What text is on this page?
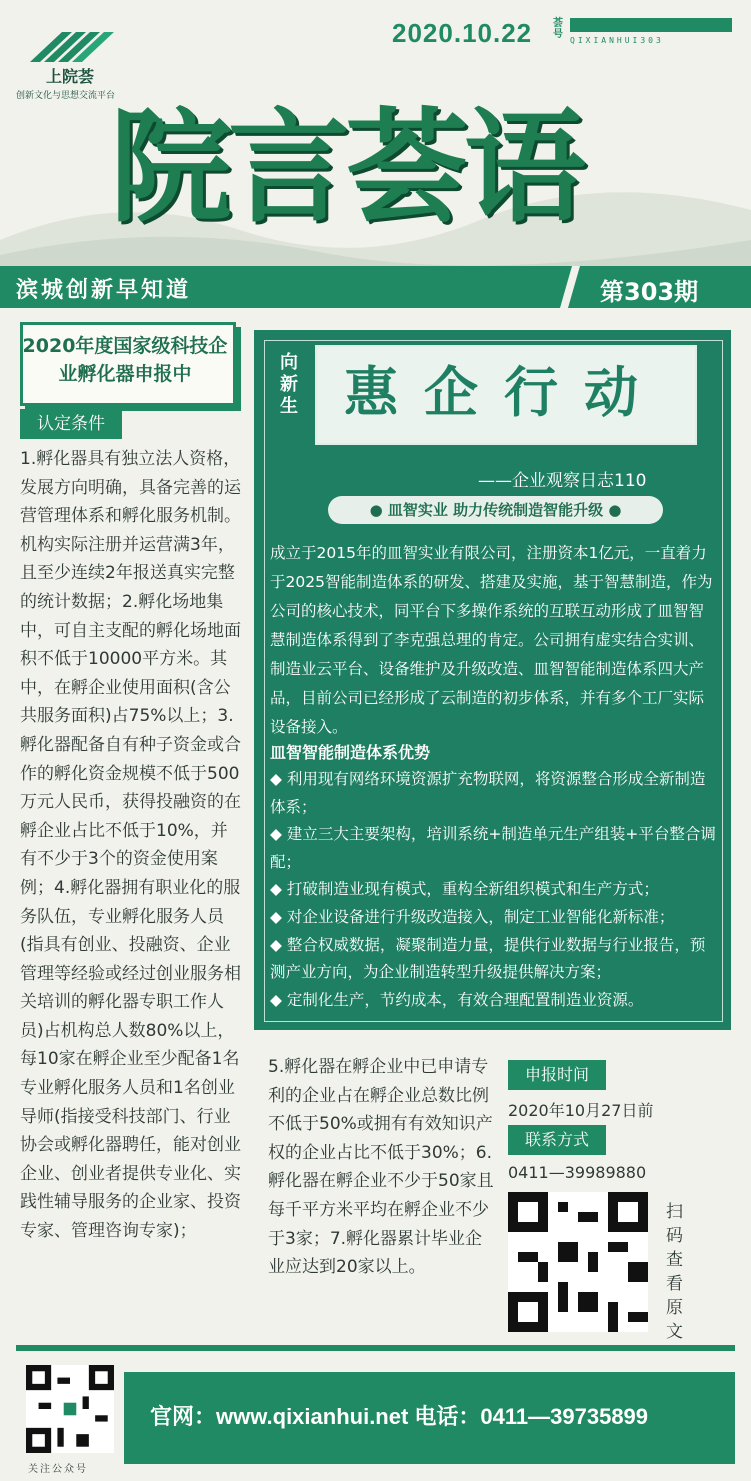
上院荟
创新文化与思想交流平台
2020.10.22 荟号
QIXIANHUI303
院言荟语
滨城创新早知道	第303期
2020年度国家级科技企业孵化器申报中
认定条件
1.孵化器具有独立法人资格，发展方向明确，具备完善的运营管理体系和孵化服务机制。机构实际注册并运营满3年，且至少连续2年报送真实完整的统计数据；2.孵化场地集中，可自主支配的孵化场地面积不低于10000平方米。其中，在孵企业使用面积(含公共服务面积)占75%以上；3.孵化器配备自有种子资金或合作的孵化资金规模不低于500万元人民币，获得投融资的在孵企业占比不低于10%，并有不少于3个的资金使用案例；4.孵化器拥有职业化的服务队伍，专业孵化服务人员(指具有创业、投融资、企业管理等经验或经过创业服务相关培训的孵化器专职工作人员)占机构总人数80%以上，每10家在孵企业至少配备1名专业孵化服务人员和1名创业导师(指接受科技部门、行业协会或孵化器聘任，能对创业企业、创业者提供专业化、实践性辅导服务的企业家、投资专家、管理咨询专家)；
向
新
生 惠企行动
——企业观察日志110
● 皿智实业 助力传统制造智能升级 ●
成立于2015年的皿智实业有限公司，注册资本1亿元，一直着力于2025智能制造体系的研发、搭建及实施，基于智慧制造，作为公司的核心技术，同平台下多操作系统的互联互动形成了皿智智慧制造体系得到了李克强总理的肯定。公司拥有虚实结合实训、制造业云平台、设备维护及升级改造、皿智智能制造体系四大产品，目前公司已经形成了云制造的初步体系，并有多个工厂实际设备接入。
皿智智能制造体系优势
◆ 利用现有网络环境资源扩充物联网，将资源整合形成全新制造体系；
◆ 建立三大主要架构，培训系统+制造单元生产组装+平台整合调配；
◆ 打破制造业现有模式，重构全新组织模式和生产方式；
◆ 对企业设备进行升级改造接入，制定工业智能化新标准；
◆ 整合权威数据，凝聚制造力量，提供行业数据与行业报告，预测产业方向，为企业制造转型升级提供解决方案；
◆ 定制化生产，节约成本，有效合理配置制造业资源。
5.孵化器在孵企业中已申请专利的企业占在孵企业总数比例不低于50%或拥有有效知识产权的企业占比不低于30%；6.孵化器在孵企业不少于50家且每千平方米平均在孵企业不少于3家；7.孵化器累计毕业企业应达到20家以上。
申报时间
2020年10月27日前
联系方式
0411—39989880
扫码查看原文
官网：www.qixianhui.net 电话：0411—39735899
关注公众号
